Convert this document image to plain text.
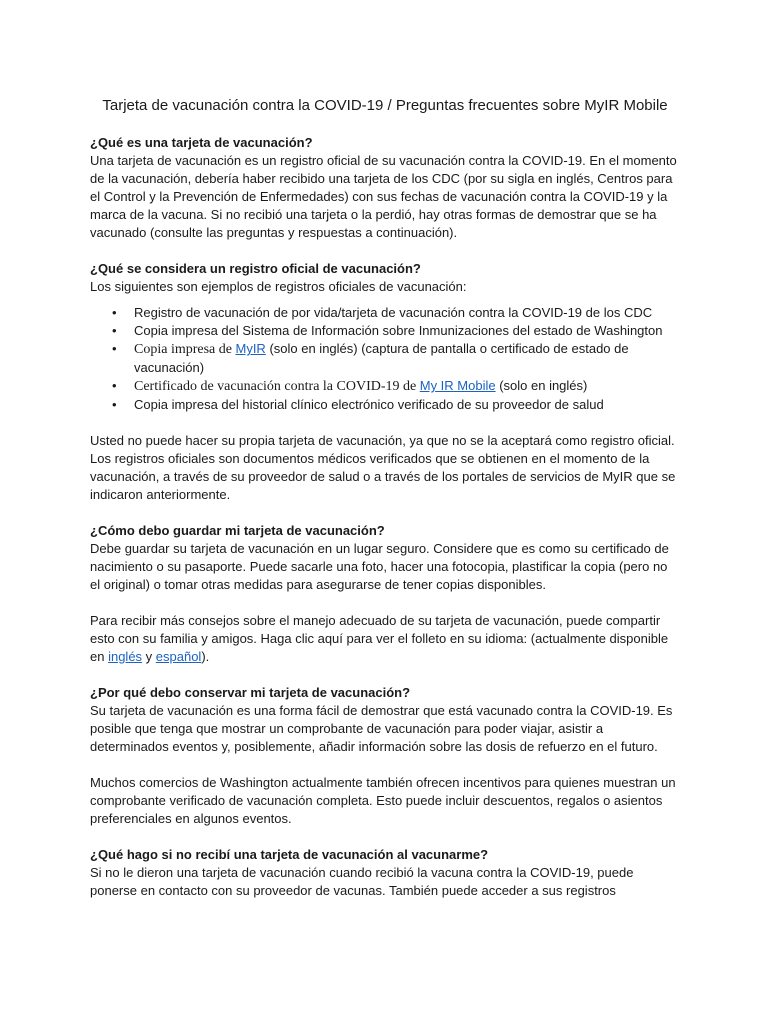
Tarjeta de vacunación contra la COVID-19 / Preguntas frecuentes sobre MyIR Mobile

¿Qué es una tarjeta de vacunación?

Una tarjeta de vacunación es un registro oficial de su vacunación contra la COVID-19. En el momento de la vacunación, debería haber recibido una tarjeta de los CDC (por su sigla en inglés, Centros para el Control y la Prevención de Enfermedades) con sus fechas de vacunación contra la COVID-19 y la marca de la vacuna. Si no recibió una tarjeta o la perdió, hay otras formas de demostrar que se ha vacunado (consulte las preguntas y respuestas a continuación).

¿Qué se considera un registro oficial de vacunación?

Los siguientes son ejemplos de registros oficiales de vacunación:

• Registro de vacunación de por vida/tarjeta de vacunación contra la COVID-19 de los CDC
• Copia impresa del Sistema de Información sobre Inmunizaciones del estado de Washington
• Copia impresa de MyIR (solo en inglés) (captura de pantalla o certificado de estado de vacunación)
• Certificado de vacunación contra la COVID-19 de My IR Mobile (solo en inglés)
• Copia impresa del historial clínico electrónico verificado de su proveedor de salud

Usted no puede hacer su propia tarjeta de vacunación, ya que no se la aceptará como registro oficial. Los registros oficiales son documentos médicos verificados que se obtienen en el momento de la vacunación, a través de su proveedor de salud o a través de los portales de servicios de MyIR que se indicaron anteriormente.

¿Cómo debo guardar mi tarjeta de vacunación?

Debe guardar su tarjeta de vacunación en un lugar seguro. Considere que es como su certificado de nacimiento o su pasaporte. Puede sacarle una foto, hacer una fotocopia, plastificar la copia (pero no el original) o tomar otras medidas para asegurarse de tener copias disponibles.

Para recibir más consejos sobre el manejo adecuado de su tarjeta de vacunación, puede compartir esto con su familia y amigos. Haga clic aquí para ver el folleto en su idioma: (actualmente disponible en inglés y español).

¿Por qué debo conservar mi tarjeta de vacunación?

Su tarjeta de vacunación es una forma fácil de demostrar que está vacunado contra la COVID-19. Es posible que tenga que mostrar un comprobante de vacunación para poder viajar, asistir a determinados eventos y, posiblemente, añadir información sobre las dosis de refuerzo en el futuro.

Muchos comercios de Washington actualmente también ofrecen incentivos para quienes muestran un comprobante verificado de vacunación completa. Esto puede incluir descuentos, regalos o asientos preferenciales en algunos eventos.

¿Qué hago si no recibí una tarjeta de vacunación al vacunarme?

Si no le dieron una tarjeta de vacunación cuando recibió la vacuna contra la COVID-19, puede ponerse en contacto con su proveedor de vacunas. También puede acceder a sus registros
